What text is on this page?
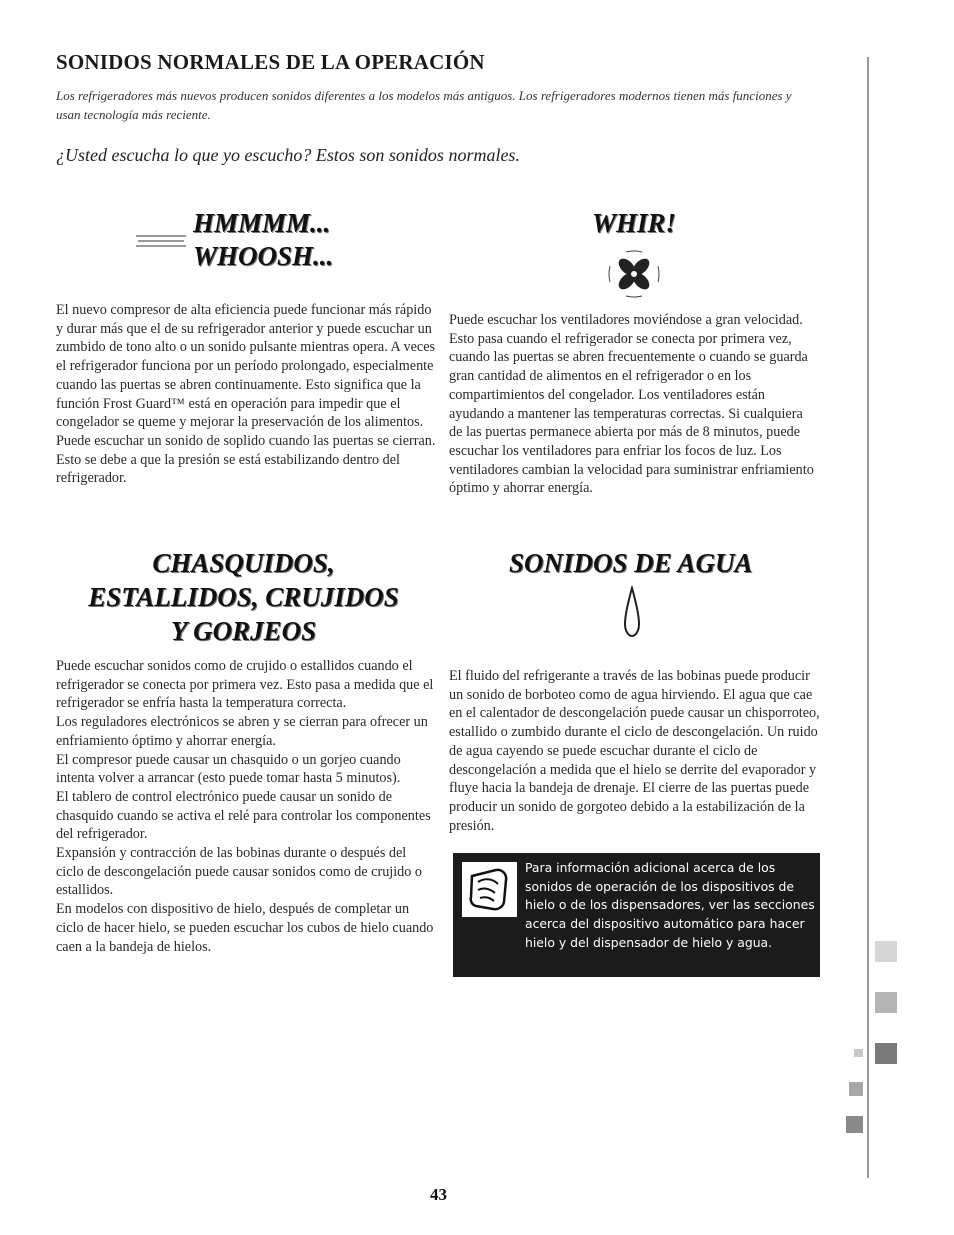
SONIDOS NORMALES DE LA OPERACIÓN
Los refrigeradores más nuevos producen sonidos diferentes a los modelos más antiguos. Los refrigeradores modernos tienen más funciones y usan tecnología más reciente.
¿Usted escucha lo que yo escucho? Estos son sonidos normales.
HMMMM...
WHOOSH...
El nuevo compresor de alta eficiencia puede funcionar más rápido y durar más que el de su refrigerador anterior y puede escuchar un zumbido de tono alto o un sonido pulsante mientras opera. A veces el refrigerador funciona por un período prolongado, especialmente cuando las puertas se abren continuamente. Esto significa que la función Frost Guard™ está en operación para impedir que el congelador se queme y mejorar la preservación de los alimentos. Puede escuchar un sonido de soplido cuando las puertas se cierran. Esto se debe a que la presión se está estabilizando dentro del refrigerador.
WHIR!
Puede escuchar los ventiladores moviéndose a gran velocidad. Esto pasa cuando el refrigerador se conecta por primera vez, cuando las puertas se abren frecuentemente o cuando se guarda gran cantidad de alimentos en el refrigerador o en los compartimientos del congelador. Los ventiladores están ayudando a mantener las temperaturas correctas. Si cualquiera de las puertas permanece abierta por más de 8 minutos, puede escuchar los ventiladores para enfriar los focos de luz. Los ventiladores cambian la velocidad para suministrar enfriamiento óptimo y ahorrar energía.
CHASQUIDOS,
ESTALLIDOS, CRUJIDOS
Y GORJEOS

Puede escuchar sonidos como de crujido o estallidos cuando el refrigerador se conecta por primera vez. Esto pasa a medida que el refrigerador se enfría hasta la temperatura correcta.

Los reguladores electrónicos se abren y se cierran para ofrecer un enfriamiento óptimo y ahorrar energía.

El compresor puede causar un chasquido o un gorjeo cuando intenta volver a arrancar (esto puede tomar hasta 5 minutos).

El tablero de control electrónico puede causar un sonido de chasquido cuando se activa el relé para controlar los componentes del refrigerador.

Expansión y contracción de las bobinas durante o después del ciclo de descongelación puede causar sonidos como de crujido o estallidos.

En modelos con dispositivo de hielo, después de completar un ciclo de hacer hielo, se pueden escuchar los cubos de hielo cuando caen a la bandeja de hielos.

SONIDOS DE AGUA
El fluido del refrigerante a través de las bobinas puede producir un sonido de borboteo como de agua hirviendo. El agua que cae en el calentador de descongelación puede causar un chisporroteo, estallido o zumbido durante el ciclo de descongelación. Un ruido de agua cayendo se puede escuchar durante el ciclo de descongelación a medida que el hielo se derrite del evaporador y fluye hacia la bandeja de drenaje. El cierre de las puertas puede producir un sonido de gorgoteo debido a la estabilización de la presión.
Para información adicional acerca de los sonidos de operación de los dispositivos de hielo o de los dispensadores, ver las secciones acerca del dispositivo automático para hacer hielo y del dispensador de hielo y agua.
43
